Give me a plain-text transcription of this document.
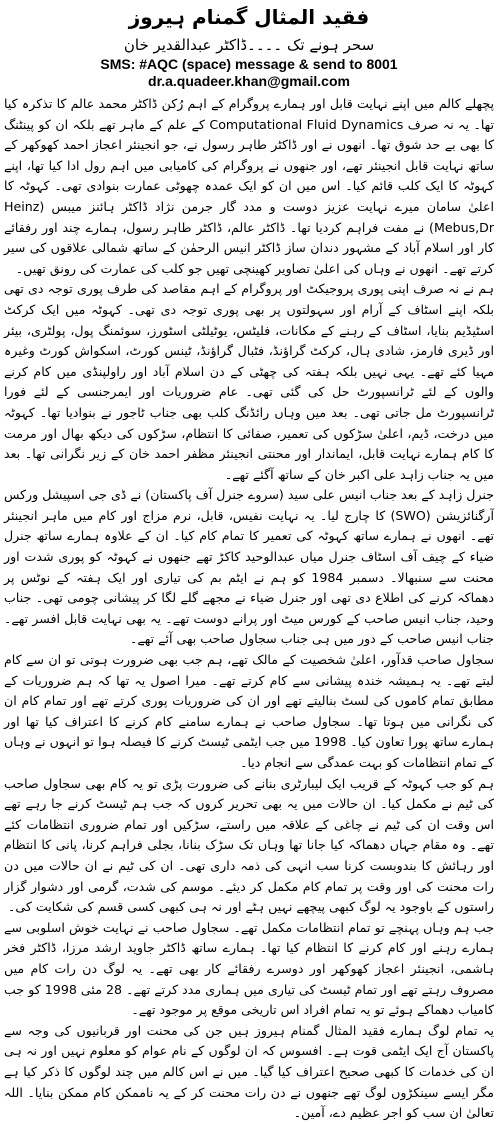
فقید المثال گمنام ہیروز
سحر ہونے تک ۔۔۔۔ڈاکٹر عبدالقدیر خان
SMS: #AQC (space) message & send to 8001
dr.a.quadeer.khan@gmail.com

پچھلے کالم میں اپنے نہایت قابل اور ہمارے پروگرام کے اہم رُکن ڈاکٹر محمد عالم کا تذکرہ کیا تھا۔ یہ نہ صرف Computational Fluid Dynamics کے علم کے ماہر تھے بلکہ ان کو پینٹنگ کا بھی بے حد شوق تھا۔ انھوں نے اور ڈاکٹر طاہر رسول نے، جو انجینئر اعجاز احمد کھوکھر کے ساتھ نہایت قابل انجینئر تھے، اور جنھوں نے پروگرام کی کامیابی میں اہم رول ادا کیا تھا، اپنے کہوٹہ کا ایک کلب قائم کیا۔ اس میں ان کو ایک عمدہ چھوٹی عمارت بنوادی تھی۔ کہوٹہ کا اعلیٰ سامان میرے نہایت عزیز دوست و مدد گار جرمن نژاد ڈاکٹر ہائنز میبس (Heinz Mebus,Dr) نے مفت فراہم کردیا تھا۔ ڈاکٹر عالم، ڈاکٹر طاہر رسول، ہمارے چند اور رفقائے کار اور اسلام آباد کے مشہور دندان ساز ڈاکٹر انیس الرحمٰن کے ساتھ شمالی علاقوں کی سیر کرتے تھے۔ انھوں نے وہاں کی اعلیٰ تصاویر کھینچی تھیں جو کلب کی عمارت کی رونق تھیں۔

ہم نے نہ صرف اپنی پوری پروجیکٹ اور پروگرام کے اہم مقاصد کی طرف پوری توجہ دی تھی بلکہ اپنے اسٹاف کے آرام اور سہولتوں پر بھی پوری توجہ دی تھی۔ کہوٹہ میں ایک کرکٹ اسٹیڈیم بنایا، اسٹاف کے رہنے کے مکانات، فلیٹس، یوٹیلٹی اسٹورز، سوئمنگ پول، پولٹری، بیئر اور ڈیری فارمز، شادی ہال، کرکٹ گراؤنڈ، فٹبال گراؤنڈ، ٹینس کورٹ، اسکواش کورٹ وغیرہ مہیا کئے تھے۔ یہی نہیں بلکہ ہفتہ کی چھٹی کے دن اسلام آباد اور راولپنڈی میں کام کرنے والوں کے لئے ٹرانسپورٹ حل کی گئی تھی۔ عام ضروریات اور ایمرجنسی کے لئے فورا ٹرانسپورٹ مل جاتی تھی۔ بعد میں وہاں رائڈنگ کلب بھی جناب ٹاجور نے بنوادیا تھا۔ کہوٹہ میں درخت، ڈیم، اعلیٰ سڑکوں کی تعمیر، صفائی کا انتظام، سڑکوں کی دیکھ بھال اور مرمت کا کام ہمارے نہایت قابل، ایماندار اور محنتی انجینئر مظفر احمد خان کے زیر نگرانی تھا۔ بعد میں یہ جناب زاہد علی اکبر خان کے ساتھ آگئے تھے۔

جنرل زاہد کے بعد جناب انیس علی سید (سروے جنرل آف پاکستان) نے ڈی جی اسپیشل ورکس آرگنائزیشن (SWO) کا چارج لیا۔ یہ نہایت نفیس، قابل، نرم مزاج اور کام میں ماہر انجینئر تھے۔ انھوں نے ہمارے ساتھ کہوٹہ کی تعمیر کا تمام کام کیا۔ ان کے علاوہ ہمارے ساتھ جنرل ضیاء کے چیف آف اسٹاف جنرل میاں عبدالوحید کاکڑ تھے جنھوں نے کہوٹہ کو پوری شدت اور محنت سے سنبھالا۔ دسمبر 1984 کو ہم نے ایٹم بم کی تیاری اور ایک ہفتہ کے نوٹس پر دھماکہ کرنے کی اطلاع دی تھی اور جنرل ضیاء نے مجھے گلے لگا کر پیشانی چومی تھی۔ جناب وحید، جناب انیس صاحب کے کورس میٹ اور پرانے دوست تھے۔ یہ بھی نہایت قابل افسر تھے۔ جناب انیس صاحب کے دور میں ہی جناب سجاول صاحب بھی آئے تھے۔

سجاول صاحب قدآور، اعلیٰ شخصیت کے مالک تھے، ہم جب بھی ضرورت ہوتی تو ان سے کام لیتے تھے۔ یہ ہمیشہ خندہ پیشانی سے کام کرتے تھے۔ میرا اصول یہ تھا کہ ہم ضروریات کے مطابق تمام کاموں کی لسٹ بنالیتے تھے اور ان کی ضروریات پوری کرتے تھے اور تمام کام ان کی نگرانی میں ہوتا تھا۔ سجاول صاحب نے ہمارے سامنے کام کرنے کا اعتراف کیا تھا اور ہمارے ساتھ پورا تعاون کیا۔ 1998 میں جب ایٹمی ٹیسٹ کرنے کا فیصلہ ہوا تو انہوں نے وہاں کے تمام انتظامات کو بہت عمدگی سے انجام دیا۔

ہم کو جب کہوٹہ کے قریب ایک لیبارٹری بنانے کی ضرورت پڑی تو یہ کام بھی سجاول صاحب کی ٹیم نے مکمل کیا۔ ان حالات میں یہ بھی تحریر کروں کہ جب ہم ٹیسٹ کرنے جا رہے تھے اس وقت ان کی ٹیم نے چاغی کے علاقہ میں راستے، سڑکیں اور تمام ضروری انتظامات کئے تھے۔ وہ مقام جہاں دھماکہ کیا جانا تھا وہاں تک سڑک بنانا، بجلی فراہم کرنا، پانی کا انتظام اور رہائش کا بندوبست کرنا سب انہی کی ذمہ داری تھی۔ ان کی ٹیم نے ان حالات میں دن رات محنت کی اور وقت پر تمام کام مکمل کر دیئے۔ موسم کی شدت، گرمی اور دشوار گزار راستوں کے باوجود یہ لوگ کبھی پیچھے نہیں ہٹے اور نہ ہی کبھی کسی قسم کی شکایت کی۔

جب ہم وہاں پہنچے تو تمام انتظامات مکمل تھے۔ سجاول صاحب نے نہایت خوش اسلوبی سے ہمارے رہنے اور کام کرنے کا انتظام کیا تھا۔ ہمارے ساتھ ڈاکٹر جاوید ارشد مرزا، ڈاکٹر فخر ہاشمی، انجینئر اعجاز کھوکھر اور دوسرے رفقائے کار بھی تھے۔ یہ لوگ دن رات کام میں مصروف رہتے تھے اور تمام ٹیسٹ کی تیاری میں ہماری مدد کرتے تھے۔ 28 مئی 1998 کو جب کامیاب دھماکے ہوئے تو یہ تمام افراد اس تاریخی موقع پر موجود تھے۔

یہ تمام لوگ ہمارے فقید المثال گمنام ہیروز ہیں جن کی محنت اور قربانیوں کی وجہ سے پاکستان آج ایک ایٹمی قوت ہے۔ افسوس کہ ان لوگوں کے نام عوام کو معلوم نہیں اور نہ ہی ان کی خدمات کا کبھی صحیح اعتراف کیا گیا۔ میں نے اس کالم میں چند لوگوں کا ذکر کیا ہے مگر ایسے سینکڑوں لوگ تھے جنھوں نے دن رات محنت کر کے یہ ناممکن کام ممکن بنایا۔ اللہ تعالیٰ ان سب کو اجر عظیم دے، آمین۔
